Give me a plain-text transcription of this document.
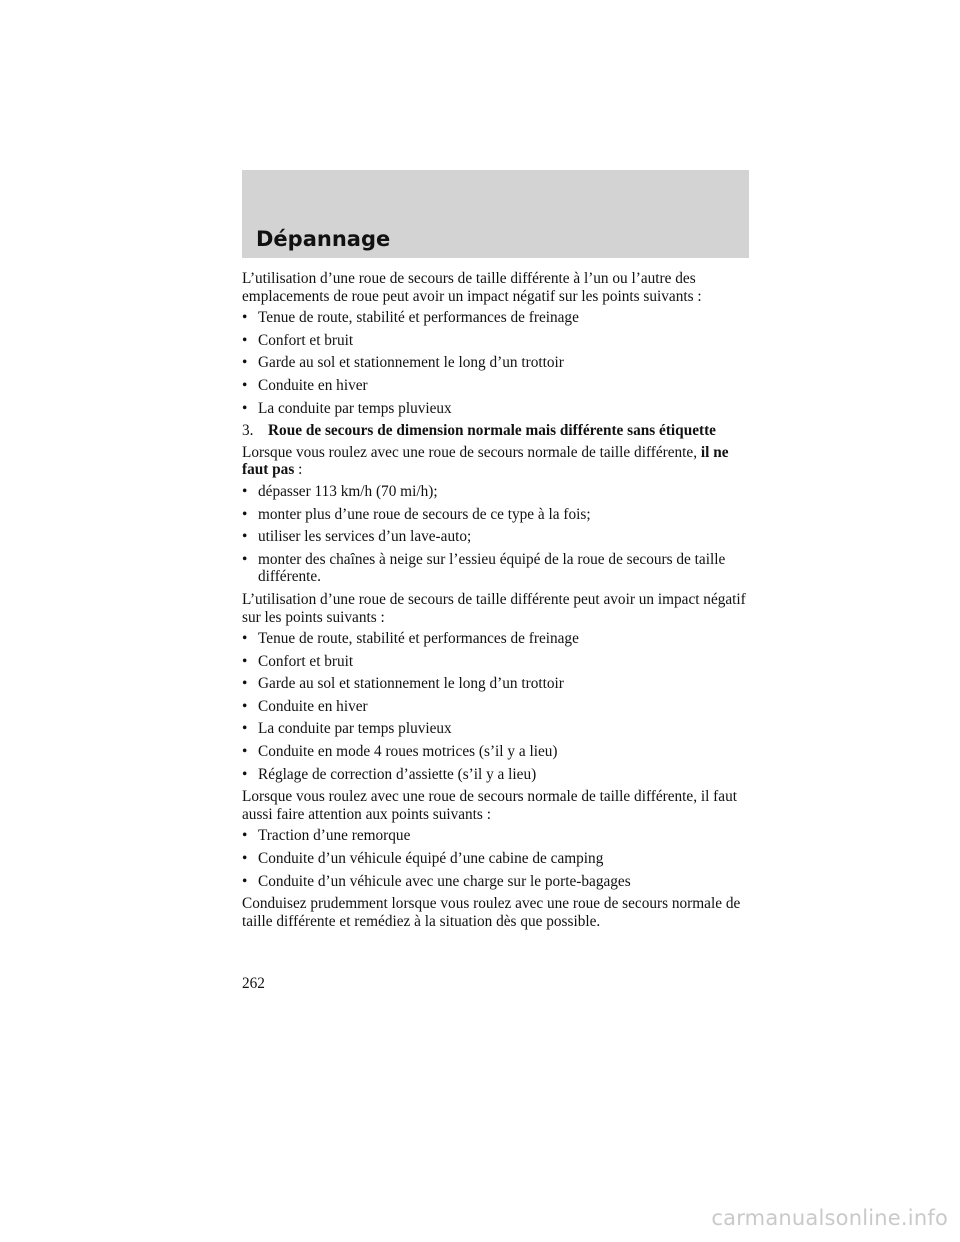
Dépannage

L’utilisation d’une roue de secours de taille différente à l’un ou l’autre des emplacements de roue peut avoir un impact négatif sur les points suivants :

• Tenue de route, stabilité et performances de freinage
• Confort et bruit
• Garde au sol et stationnement le long d’un trottoir
• Conduite en hiver
• La conduite par temps pluvieux
3. Roue de secours de dimension normale mais différente sans étiquette

Lorsque vous roulez avec une roue de secours normale de taille différente, il ne faut pas :

• dépasser 113 km/h (70 mi/h);
• monter plus d’une roue de secours de ce type à la fois;
• utiliser les services d’un lave-auto;
• monter des chaînes à neige sur l’essieu équipé de la roue de secours de taille différente.

L’utilisation d’une roue de secours de taille différente peut avoir un impact négatif sur les points suivants :

• Tenue de route, stabilité et performances de freinage
• Confort et bruit
• Garde au sol et stationnement le long d’un trottoir
• Conduite en hiver
• La conduite par temps pluvieux
• Conduite en mode 4 roues motrices (s’il y a lieu)
• Réglage de correction d’assiette (s’il y a lieu)

Lorsque vous roulez avec une roue de secours normale de taille différente, il faut aussi faire attention aux points suivants :

• Traction d’une remorque
• Conduite d’un véhicule équipé d’une cabine de camping
• Conduite d’un véhicule avec une charge sur le porte-bagages

Conduisez prudemment lorsque vous roulez avec une roue de secours normale de taille différente et remédiez à la situation dès que possible.

262
carmanualsonline.info
